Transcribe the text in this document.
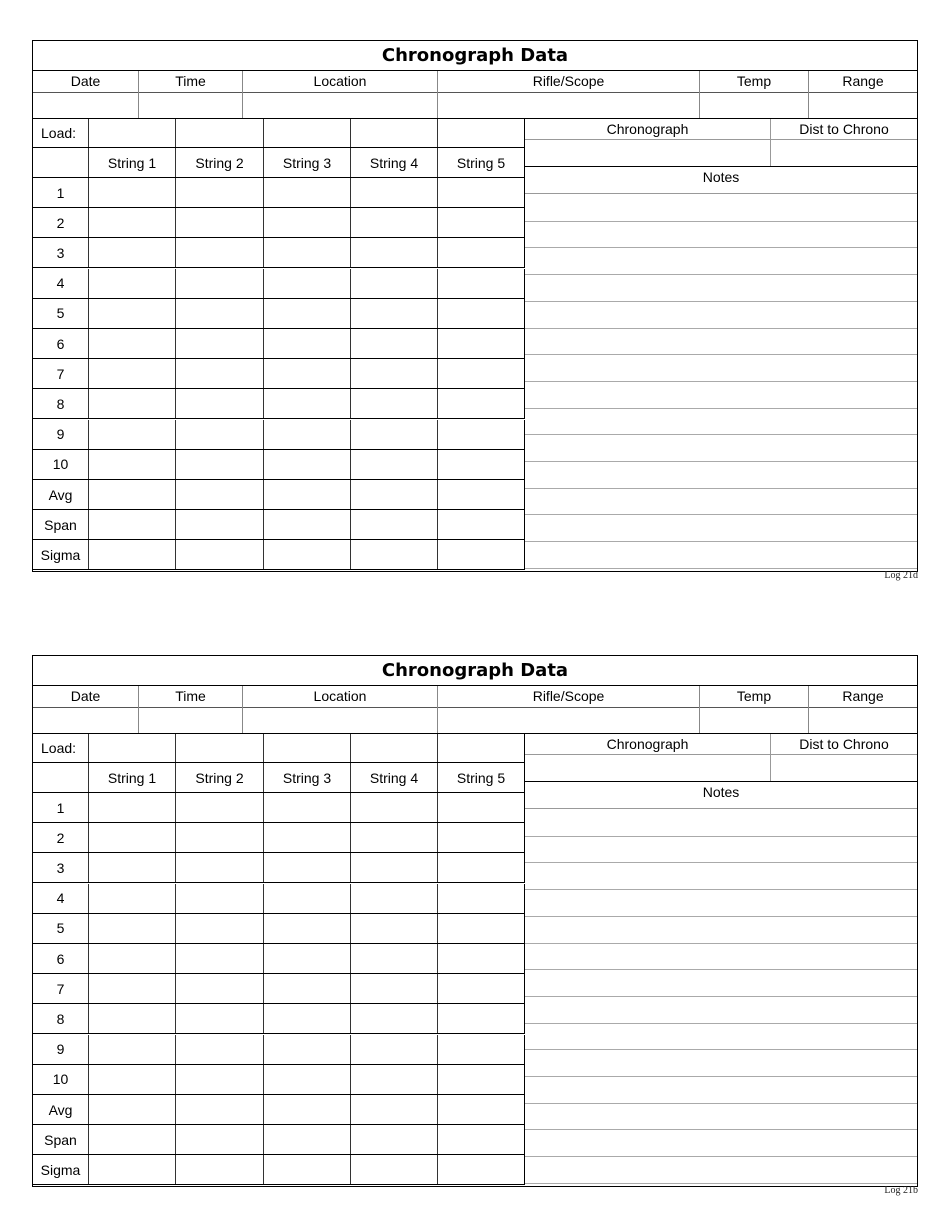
Chronograph Data
Date	Time	Location	Rifle/Scope	Temp	Range
Load:
String 1	String 2	String 3	String 4	String 5
1
2
3
4
5
6
7
8
9
10
Avg
Span
Sigma
Chronograph	Dist to Chrono
Notes
Log 21d
Chronograph Data
Date	Time	Location	Rifle/Scope	Temp	Range
Load:
String 1	String 2	String 3	String 4	String 5
1
2
3
4
5
6
7
8
9
10
Avg
Span
Sigma
Chronograph	Dist to Chrono
Notes
Log 21b
